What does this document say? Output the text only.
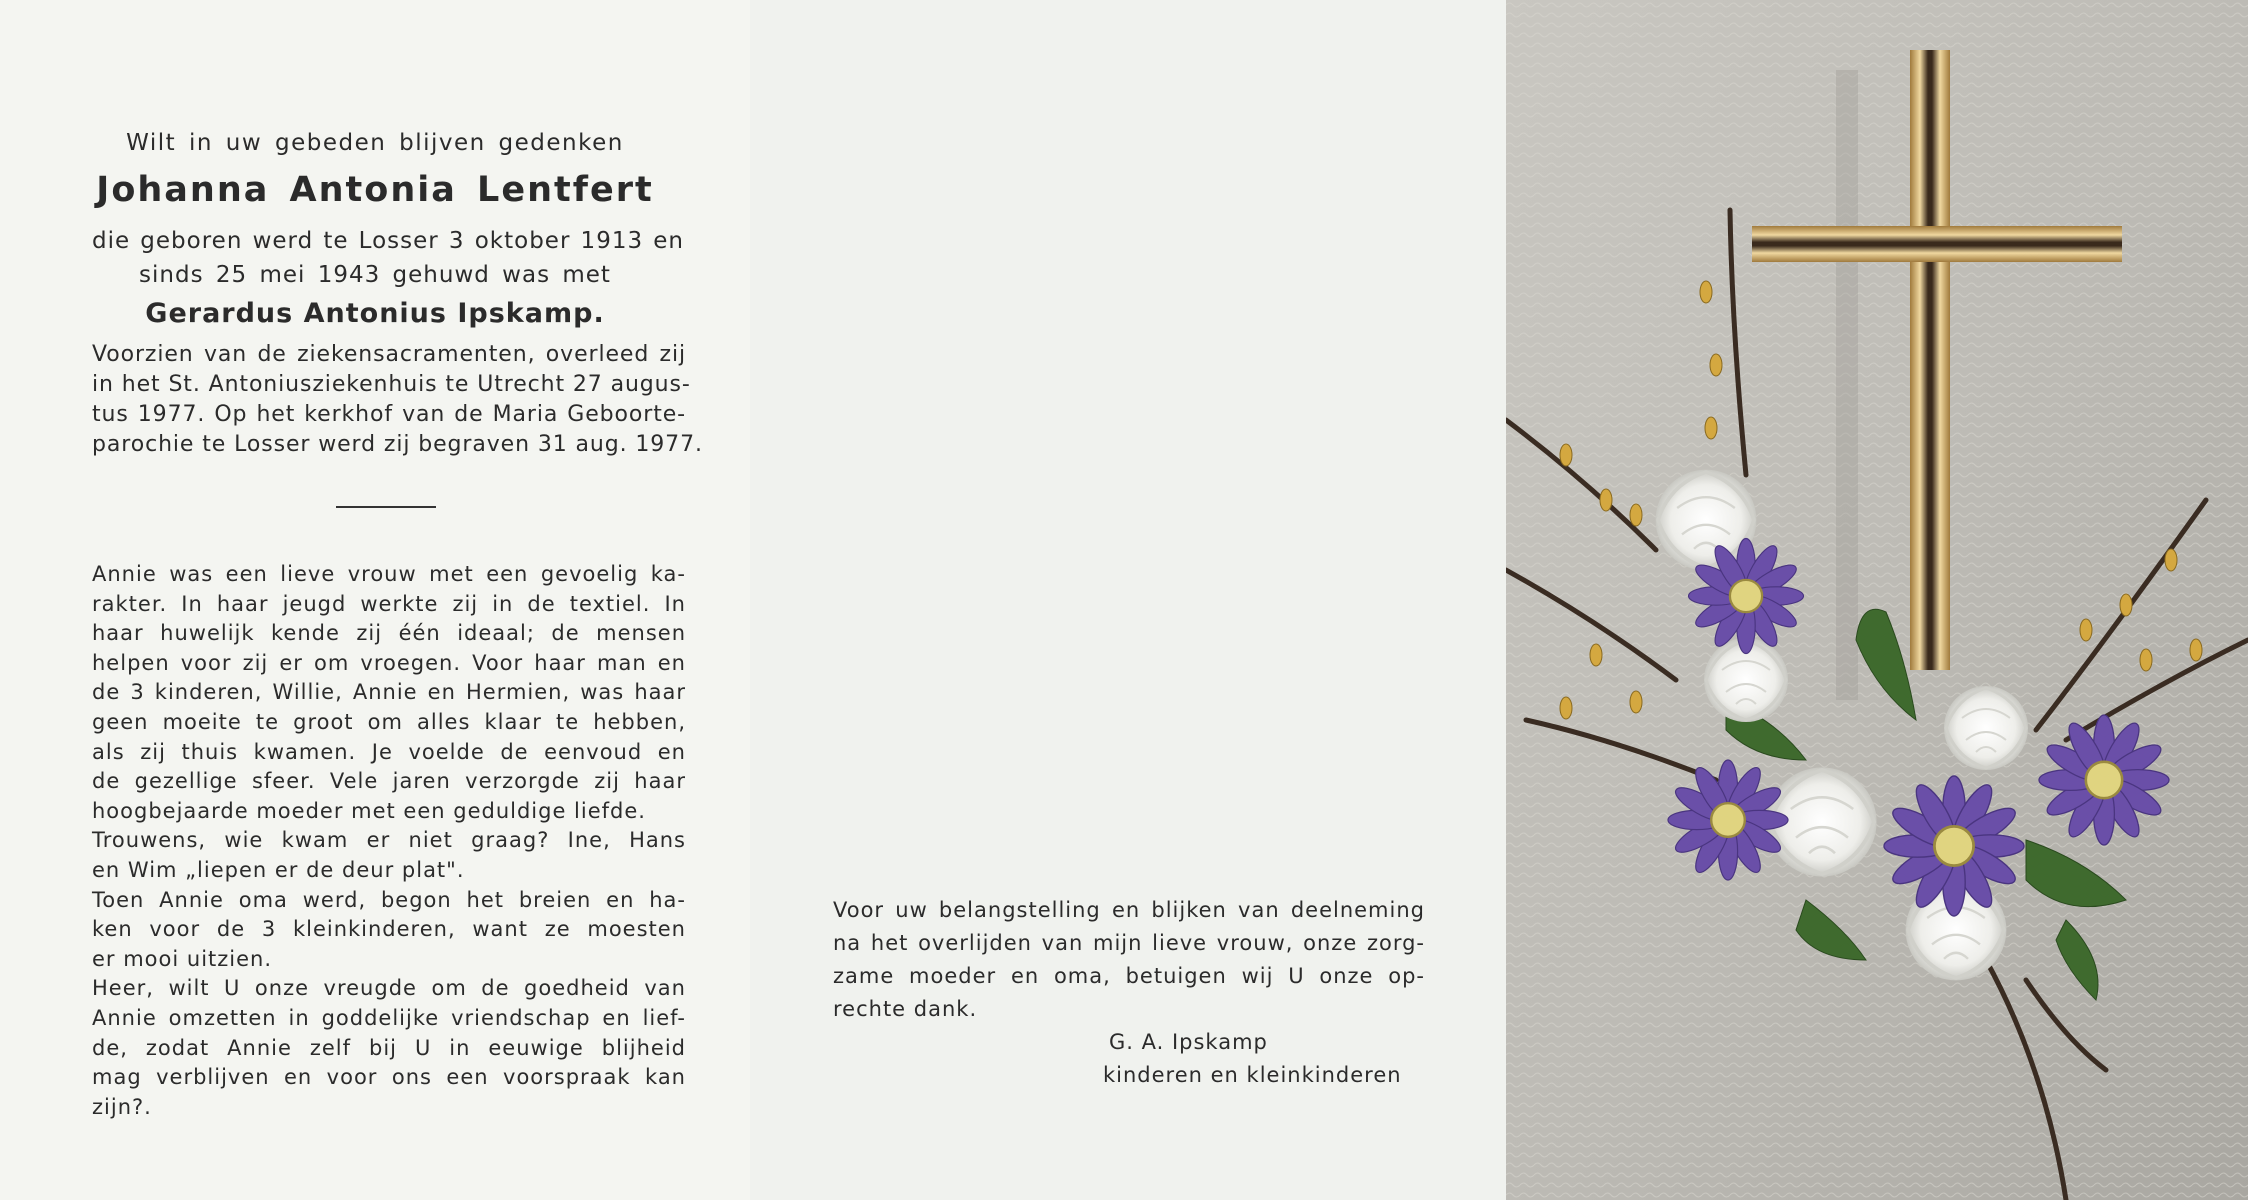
Wilt in uw gebeden blijven gedenken
Johanna Antonia Lentfert
die geboren werd te Losser 3 oktober 1913 en
sinds 25 mei 1943 gehuwd was met
Gerardus Antonius Ipskamp.
Voorzien van de ziekensacramenten, overleed zij
in het St. Antoniusziekenhuis te Utrecht 27 augus-
tus 1977. Op het kerkhof van de Maria Geboorte-
parochie te Losser werd zij begraven 31 aug. 1977.
Annie was een lieve vrouw met een gevoelig ka-
rakter. In haar jeugd werkte zij in de textiel. In
haar huwelijk kende zij één ideaal; de mensen
helpen voor zij er om vroegen. Voor haar man en
de 3 kinderen, Willie, Annie en Hermien, was haar
geen moeite te groot om alles klaar te hebben,
als zij thuis kwamen. Je voelde de eenvoud en
de gezellige sfeer. Vele jaren verzorgde zij haar
hoogbejaarde moeder met een geduldige liefde.
Trouwens, wie kwam er niet graag? Ine, Hans
en Wim „liepen er de deur plat".
Toen Annie oma werd, begon het breien en ha-
ken voor de 3 kleinkinderen, want ze moesten
er mooi uitzien.
Heer, wilt U onze vreugde om de goedheid van
Annie omzetten in goddelijke vriendschap en lief-
de, zodat Annie zelf bij U in eeuwige blijheid
mag verblijven en voor ons een voorspraak kan
zijn?.
Voor uw belangstelling en blijken van deelneming
na het overlijden van mijn lieve vrouw, onze zorg-
zame moeder en oma, betuigen wij U onze op-
rechte dank.
G. A. Ipskamp
kinderen en kleinkinderen
